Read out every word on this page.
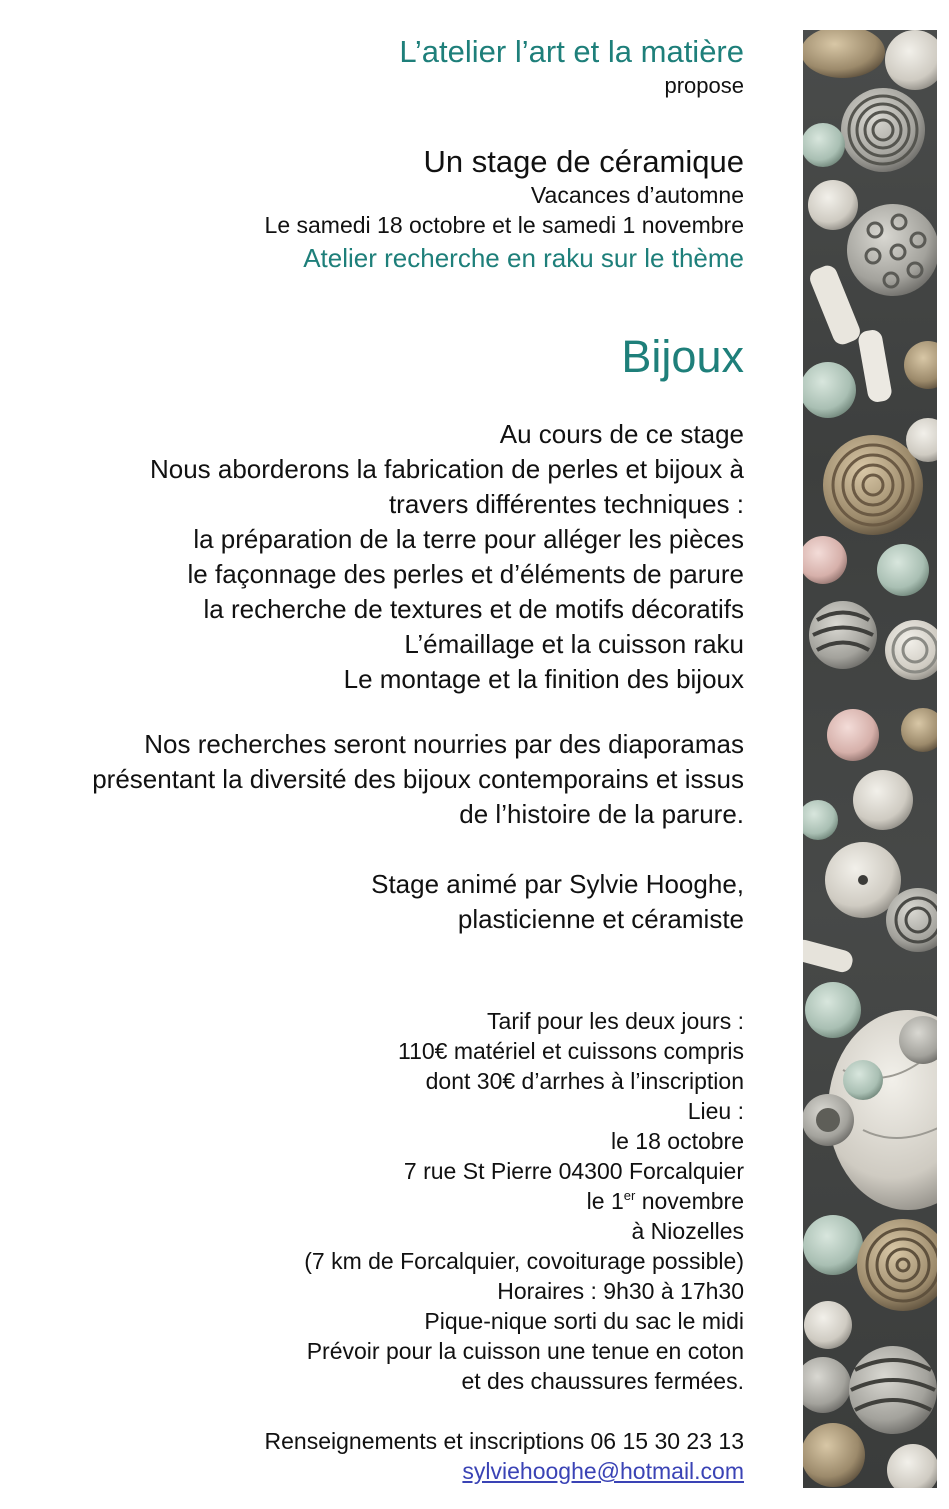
L’atelier l’art et la matière
propose
Un stage de céramique
Vacances d’automne
Le samedi 18 octobre et le samedi 1 novembre
Atelier recherche en raku sur le thème
Bijoux
Au cours de ce stage
Nous aborderons la fabrication de perles et bijoux à
travers différentes techniques :
la préparation de la terre pour alléger les pièces
le façonnage des perles et d’éléments de parure
la recherche de textures et de motifs décoratifs
L’émaillage et la cuisson raku
Le montage et la finition des bijoux
Nos recherches seront nourries par des diaporamas
présentant la diversité des bijoux contemporains et issus
de l’histoire de la parure.
Stage animé par Sylvie Hooghe,
plasticienne et céramiste
Tarif pour les deux jours :
110€ matériel et cuissons compris
dont 30€ d’arrhes à l’inscription
Lieu :
le 18 octobre
7 rue St Pierre 04300 Forcalquier
le 1er novembre
à Niozelles
(7 km de Forcalquier, covoiturage possible)
Horaires : 9h30 à 17h30
Pique-nique sorti du sac le midi
Prévoir pour la cuisson une tenue en coton
et des chaussures fermées.
Renseignements et inscriptions 06 15 30 23 13
sylviehooghe@hotmail.com
